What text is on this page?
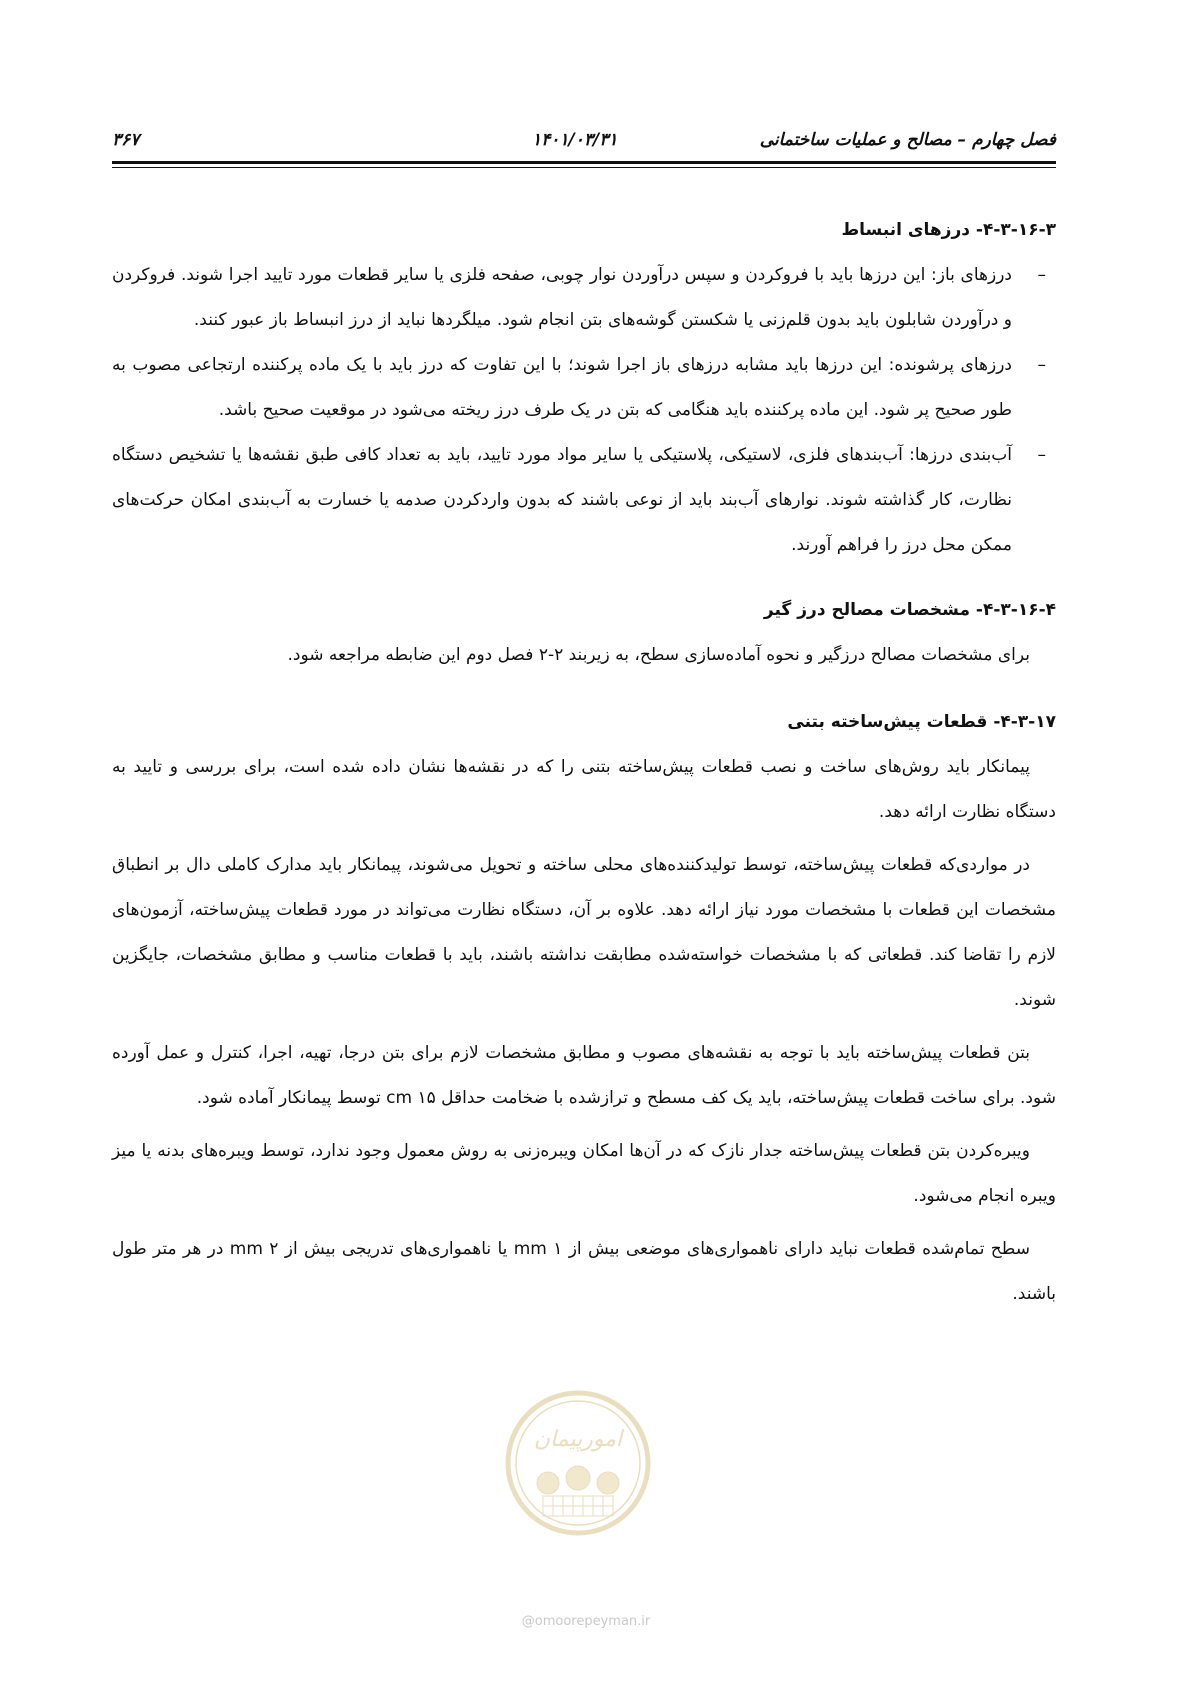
فصل چهارم – مصالح و عملیات ساختمانی
۱۴۰۱/۰۳/۳۱
۳۶۷

۴-۳-۱۶-۳- درزهای انبساط

–
درزهای باز: این درزها باید با فروکردن و سپس درآوردن نوار چوبی، صفحه فلزی یا سایر قطعات مورد تایید اجرا شوند. فروکردن و درآوردن شابلون باید بدون قلم‌زنی یا شکستن گوشه‌های بتن انجام شود. میلگردها نباید از درز انبساط باز عبور کنند.
–
درزهای پرشونده: این درزها باید مشابه درزهای باز اجرا شوند؛ با این تفاوت که درز باید با یک ماده پرکننده ارتجاعی مصوب به طور صحیح پر شود. این ماده پرکننده باید هنگامی که بتن در یک طرف درز ریخته می‌شود در موقعیت صحیح باشد.
–
آب‌بندی درزها: آب‌بندهای فلزی، لاستیکی، پلاستیکی یا سایر مواد مورد تایید، باید به تعداد کافی طبق نقشه‌ها یا تشخیص دستگاه نظارت، کار گذاشته شوند. نوارهای آب‌بند باید از نوعی باشند که بدون واردکردن صدمه یا خسارت به آب‌بندی امکان حرکت‌های ممکن محل درز را فراهم آورند.

۴-۳-۱۶-۴- مشخصات مصالح درز گیر

برای مشخصات مصالح درزگیر و نحوه آماده‌سازی سطح، به زیربند ۲-۲ فصل دوم این ضابطه مراجعه شود.

۴-۳-۱۷- قطعات پیش‌ساخته بتنی

پیمانکار باید روش‌های ساخت و نصب قطعات پیش‌ساخته بتنی را که در نقشه‌ها نشان داده شده است، برای بررسی و تایید به دستگاه نظارت ارائه دهد.

در مواردی‌که قطعات پیش‌ساخته، توسط تولیدکننده‌های محلی ساخته و تحویل می‌شوند، پیمانکار باید مدارک کاملی دال بر انطباق مشخصات این قطعات با مشخصات مورد نیاز ارائه دهد. علاوه بر آن، دستگاه نظارت می‌تواند در مورد قطعات پیش‌ساخته، آزمون‌های لازم را تقاضا کند. قطعاتی که با مشخصات خواسته‌شده مطابقت نداشته باشند، باید با قطعات مناسب و مطابق مشخصات، جایگزین شوند.

بتن قطعات پیش‌ساخته باید با توجه به نقشه‌های مصوب و مطابق مشخصات لازم برای بتن درجا، تهیه، اجرا، کنترل و عمل آورده شود. برای ساخت قطعات پیش‌ساخته، باید یک کف مسطح و ترازشده با ضخامت حداقل ۱۵ cm توسط پیمانکار آماده شود.

ویبره‌کردن بتن قطعات پیش‌ساخته جدار نازک که در آن‌ها امکان ویبره‌زنی به روش معمول وجود ندارد، توسط ویبره‌های بدنه یا میز ویبره انجام می‌شود.

سطح تمام‌شده قطعات نباید دارای ناهمواری‌های موضعی بیش از ۱ mm یا ناهمواری‌های تدریجی بیش از ۲ mm در هر متر طول باشند.

امورپیمان
@omoorepeyman.ir
